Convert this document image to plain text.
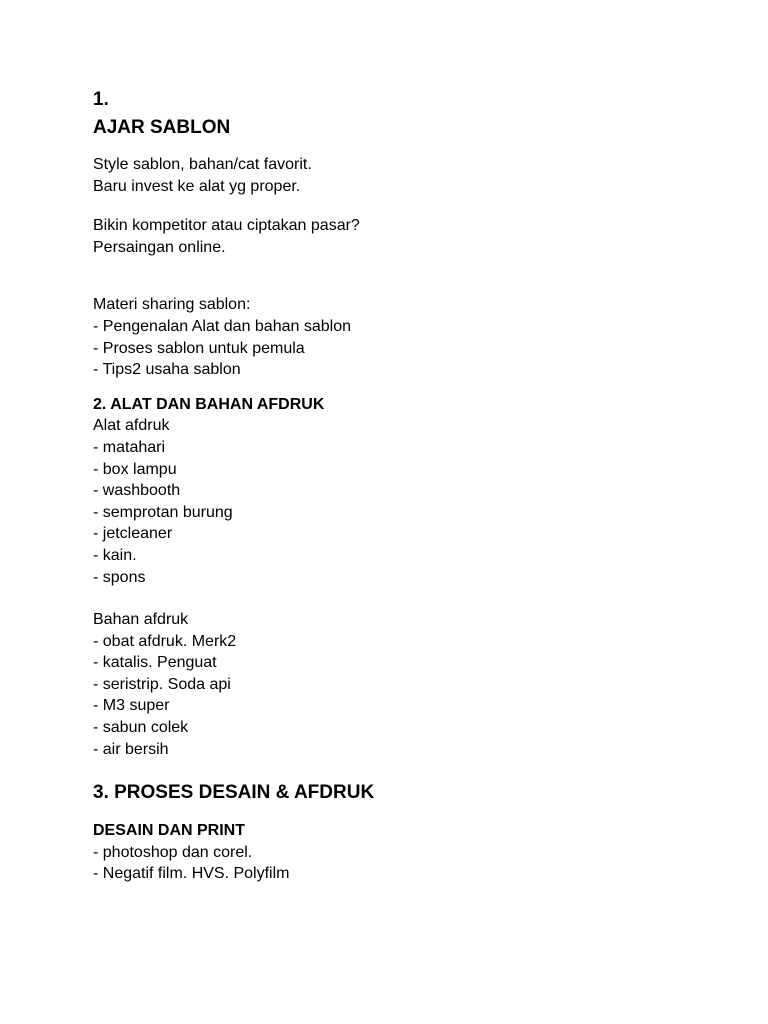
1.
AJAR SABLON
Style sablon, bahan/cat favorit.
Baru invest ke alat yg proper.
Bikin kompetitor atau ciptakan pasar?
Persaingan online.
Materi sharing sablon:
- Pengenalan Alat dan bahan sablon
- Proses sablon untuk pemula
- Tips2 usaha sablon
2. ALAT DAN BAHAN AFDRUK
Alat afdruk
- matahari
- box lampu
- washbooth
- semprotan burung
- jetcleaner
- kain.
- spons
Bahan afdruk
- obat afdruk. Merk2
- katalis. Penguat
- seristrip. Soda api
- M3 super
- sabun colek
- air bersih
3. PROSES DESAIN & AFDRUK
DESAIN DAN PRINT
- photoshop dan corel.
- Negatif film. HVS. Polyfilm
